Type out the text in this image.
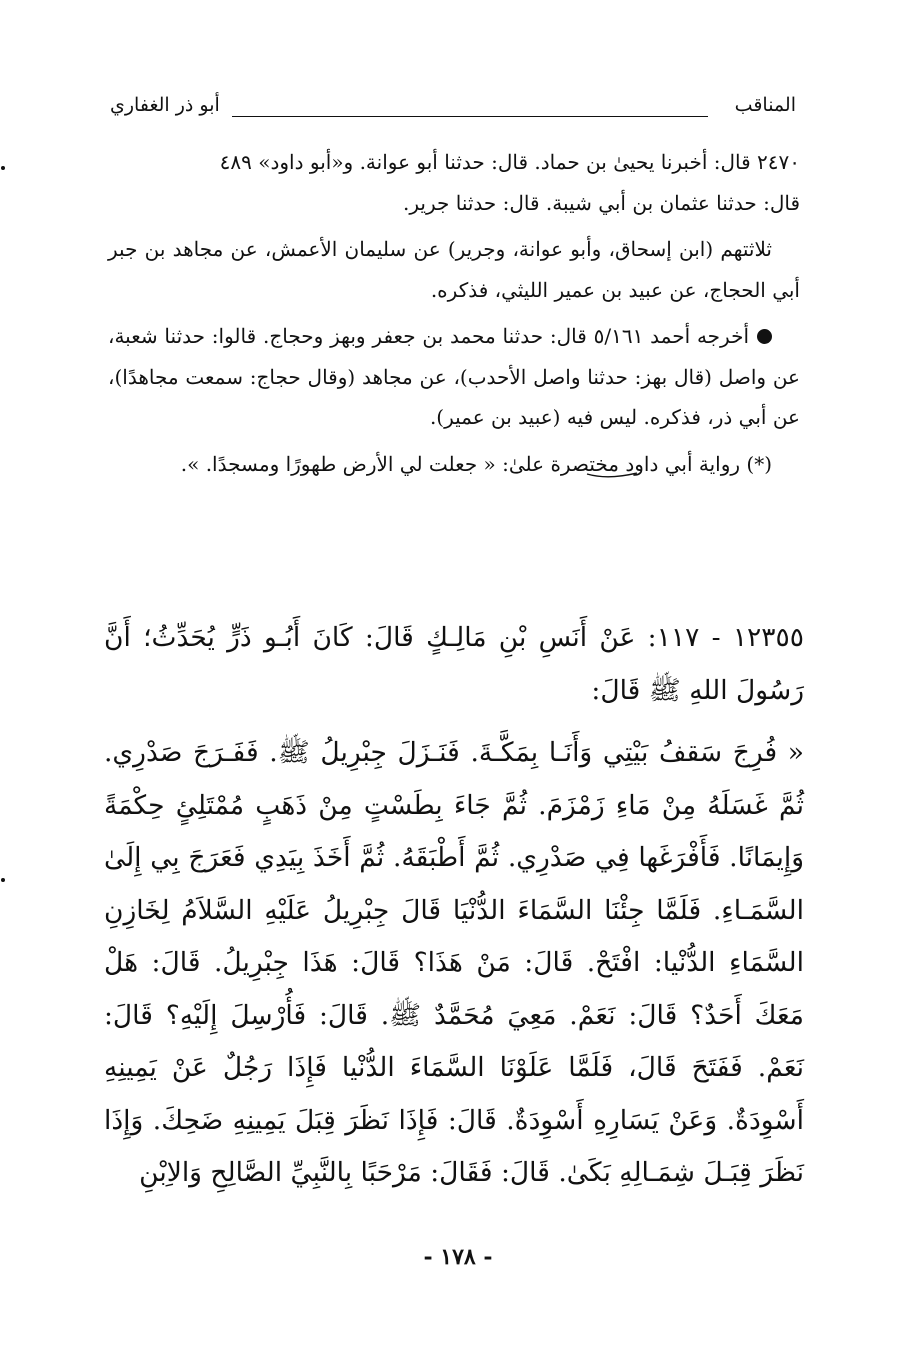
المناقب
أبو ذر الغفاري

٢٤٧٠ قال: أخبرنا يحيىٰ بن حماد. قال: حدثنا أبو عوانة. و«أبو داود» ٤٨٩

قال: حدثنا عثمان بن أبي شيبة. قال: حدثنا جرير.

ثلاثتهم (ابن إسحاق، وأبو عوانة، وجرير) عن سليمان الأعمش، عن مجاهد بن جبر أبي الحجاج، عن عبيد بن عمير الليثي، فذكره.

أخرجه أحمد ٥/١٦١ قال: حدثنا محمد بن جعفر وبهز وحجاج. قالوا: حدثنا شعبة، عن واصل (قال بهز: حدثنا واصل الأحدب)، عن مجاهد (وقال حجاج: سمعت مجاهدًا)، عن أبي ذر، فذكره. ليس فيه (عبيد بن عمير).

(*) رواية أبي داود مختصرة علىٰ: « جعلت لي الأرض طهورًا ومسجدًا. ».

١٢٣٥٥ - ١١٧: عَنْ أَنَسِ بْنِ مَالِـكٍ قَالَ: كَانَ أَبُـو ذَرٍّ يُحَدِّثُ؛ أَنَّ رَسُولَ اللهِ ﷺ قَالَ:

« فُرِجَ سَقفُ بَيْتِي وَأَنَـا بِمَكَّـةَ. فَنَـزَلَ جِبْرِيلُ ﷺ. فَفَـرَجَ صَدْرِي. ثُمَّ غَسَلَهُ مِنْ مَاءِ زَمْزَمَ. ثُمَّ جَاءَ بِطَسْتٍ مِنْ ذَهَبٍ مُمْتَلِئٍ حِكْمَةً وَإِيمَانًا. فَأَفْرَغَها فِي صَدْرِي. ثُمَّ أَطْبَقَهُ. ثُمَّ أَخَذَ بِيَدِي فَعَرَجَ بِي إِلَىٰ السَّمَـاءِ. فَلَمَّا جِئْنَا السَّمَاءَ الدُّنْيَا قَالَ جِبْرِيلُ عَلَيْهِ السَّلاَمُ لِخَازِنِ السَّمَاءِ الدُّنْيا: افْتَحْ. قَالَ: مَنْ هَذَا؟ قَالَ: هَذَا جِبْرِيلُ. قَالَ: هَلْ مَعَكَ أَحَدٌ؟ قَالَ: نَعَمْ. مَعِيَ مُحَمَّدٌ ﷺ. قَالَ: فَأُرْسِلَ إِلَيْهِ؟ قَالَ: نَعَمْ. فَفَتَحَ قَالَ، فَلَمَّا عَلَوْنَا السَّمَاءَ الدُّنْيا فَإِذَا رَجُلٌ عَنْ يَمِينِهِ أَسْوِدَةٌ. وَعَنْ يَسَارِهِ أَسْوِدَةٌ. قَالَ: فَإِذَا نَظَرَ قِبَلَ يَمِينِهِ ضَحِكَ. وَإِذَا نَظَرَ قِبَـلَ شِمَـالِهِ بَكَىٰ. قَالَ: فَقَالَ: مَرْحَبًا بِالنَّبِيِّ الصَّالِحِ وَالاِبْنِ

- ١٧٨ -
